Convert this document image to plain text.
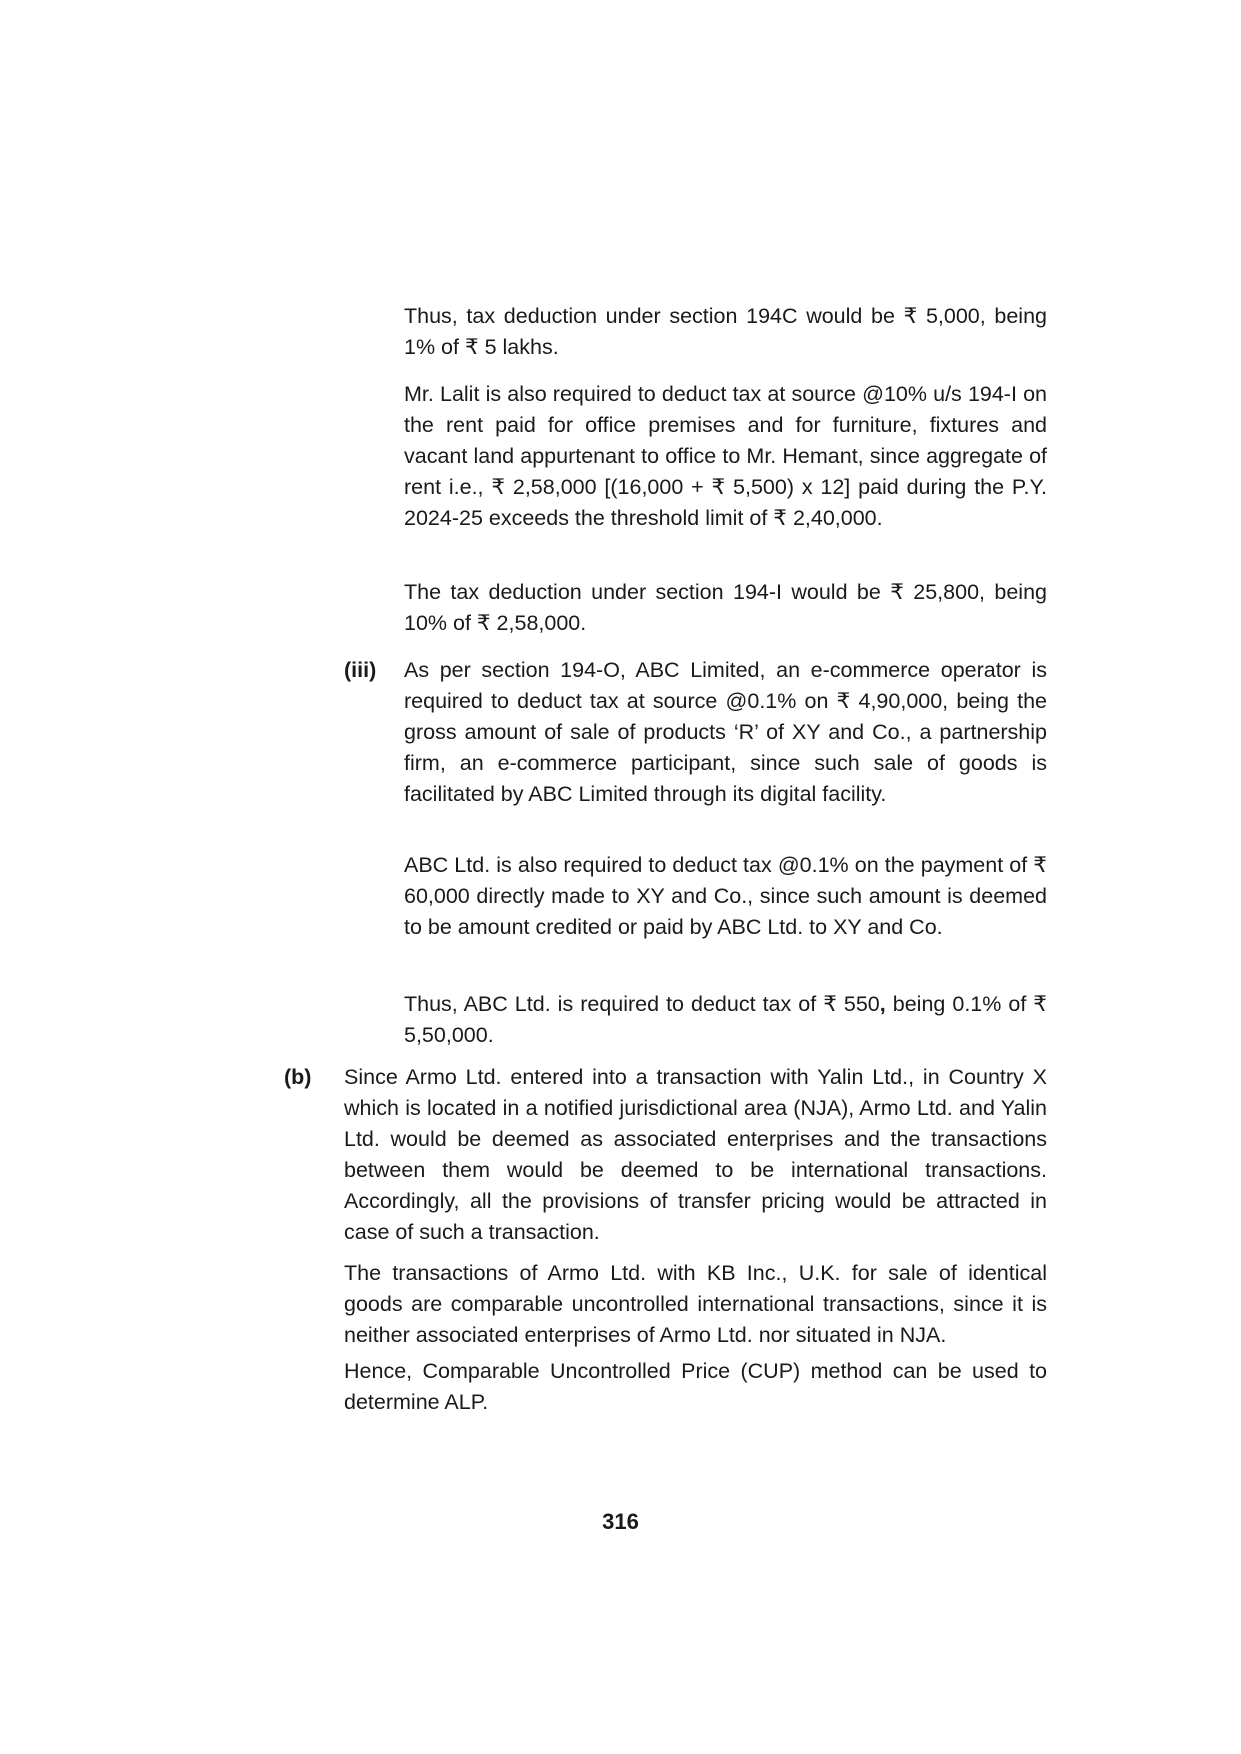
Thus, tax deduction under section 194C would be ₹ 5,000, being 1% of ₹ 5 lakhs.

Mr. Lalit is also required to deduct tax at source @10% u/s 194-I on the rent paid for office premises and for furniture, fixtures and vacant land appurtenant to office to Mr. Hemant, since aggregate of rent i.e., ₹ 2,58,000 [(16,000 + ₹ 5,500) x 12] paid during the P.Y. 2024-25 exceeds the threshold limit of ₹ 2,40,000.

The tax deduction under section 194-I would be ₹ 25,800, being 10% of ₹ 2,58,000.

(iii) As per section 194-O, ABC Limited, an e-commerce operator is required to deduct tax at source @0.1% on ₹ 4,90,000, being the gross amount of sale of products ‘R’ of XY and Co., a partnership firm, an e-commerce participant, since such sale of goods is facilitated by ABC Limited through its digital facility.

ABC Ltd. is also required to deduct tax @0.1% on the payment of ₹ 60,000 directly made to XY and Co., since such amount is deemed to be amount credited or paid by ABC Ltd. to XY and Co.

Thus, ABC Ltd. is required to deduct tax of ₹ 550, being 0.1% of ₹ 5,50,000.

(b) Since Armo Ltd. entered into a transaction with Yalin Ltd., in Country X which is located in a notified jurisdictional area (NJA), Armo Ltd. and Yalin Ltd. would be deemed as associated enterprises and the transactions between them would be deemed to be international transactions. Accordingly, all the provisions of transfer pricing would be attracted in case of such a transaction.

The transactions of Armo Ltd. with KB Inc., U.K. for sale of identical goods are comparable uncontrolled international transactions, since it is neither associated enterprises of Armo Ltd. nor situated in NJA.

Hence, Comparable Uncontrolled Price (CUP) method can be used to determine ALP.

316
